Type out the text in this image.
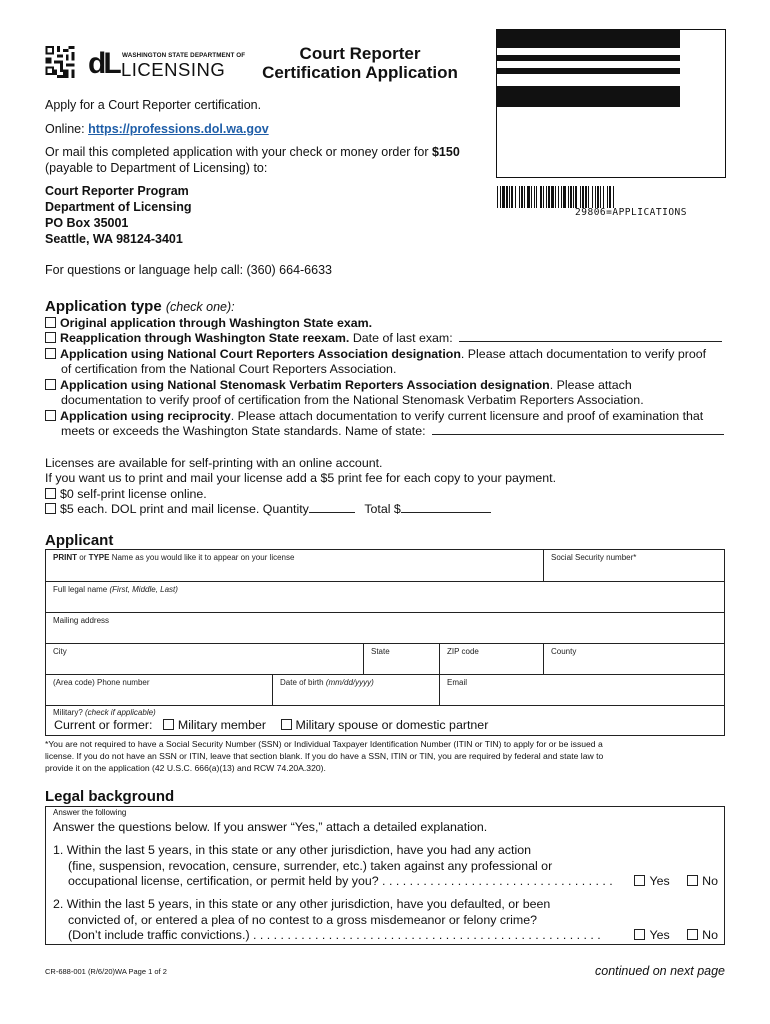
dL WASHINGTON STATE DEPARTMENT OF
LICENSING
Court Reporter
Certification Application
29806=APPLICATIONS
Apply for a Court Reporter certification.
Online: https://professions.dol.wa.gov
Or mail this completed application with your check or money order for $150
(payable to Department of Licensing) to:
Court Reporter Program
Department of Licensing
PO Box 35001
Seattle, WA 98124-3401
For questions or language help call: (360) 664-6633
Application type (check one):
Original application through Washington State exam.
Reapplication through Washington State reexam. Date of last exam:
Application using National Court Reporters Association designation. Please attach documentation to verify proof
of certification from the National Court Reporters Association.
Application using National Stenomask Verbatim Reporters Association designation. Please attach
documentation to verify proof of certification from the National Stenomask Verbatim Reporters Association.
Application using reciprocity. Please attach documentation to verify current licensure and proof of examination that
meets or exceeds the Washington State standards. Name of state:
Licenses are available for self-printing with an online account.
If you want us to print and mail your license add a $5 print fee for each copy to your payment.
$0 self-print license online.
$5 each. DOL print and mail license. Quantity	Total $
Applicant
PRINT or TYPE Name as you would like it to appear on your license	Social Security number*
Full legal name (First, Middle, Last)
Mailing address
City	State	ZIP code	County
(Area code) Phone number	Date of birth (mm/dd/yyyy)	Email
Military? (check if applicable)
Current or former: Military member Military spouse or domestic partner
*You are not required to have a Social Security Number (SSN) or Individual Taxpayer Identification Number (ITIN or TIN) to apply for or be issued a
license. If you do not have an SSN or ITIN, leave that section blank. If you do have a SSN, ITIN or TIN, you are required by federal and state law to
provide it on the application (42 U.S.C. 666(a)(13) and RCW 74.20A.320).
Legal background
Answer the following
Answer the questions below. If you answer “Yes,” attach a detailed explanation.
1. Within the last 5 years, in this state or any other jurisdiction, have you had any action
(fine, suspension, revocation, censure, surrender, etc.) taken against any professional or
occupational license, certification, or permit held by you? . . . . . . . . . . . . . . . . . . . . . . . . . . . . . . . . . .	Yes	No
2. Within the last 5 years, in this state or any other jurisdiction, have you defaulted, or been
convicted of, or entered a plea of no contest to a gross misdemeanor or felony crime?
(Don’t include traffic convictions.) . . . . . . . . . . . . . . . . . . . . . . . . . . . . . . . . . . . . . . . . . . . . . . . . . . .	Yes	No
CR-688-001 (R/6/20)WA Page 1 of 2	continued on next page
